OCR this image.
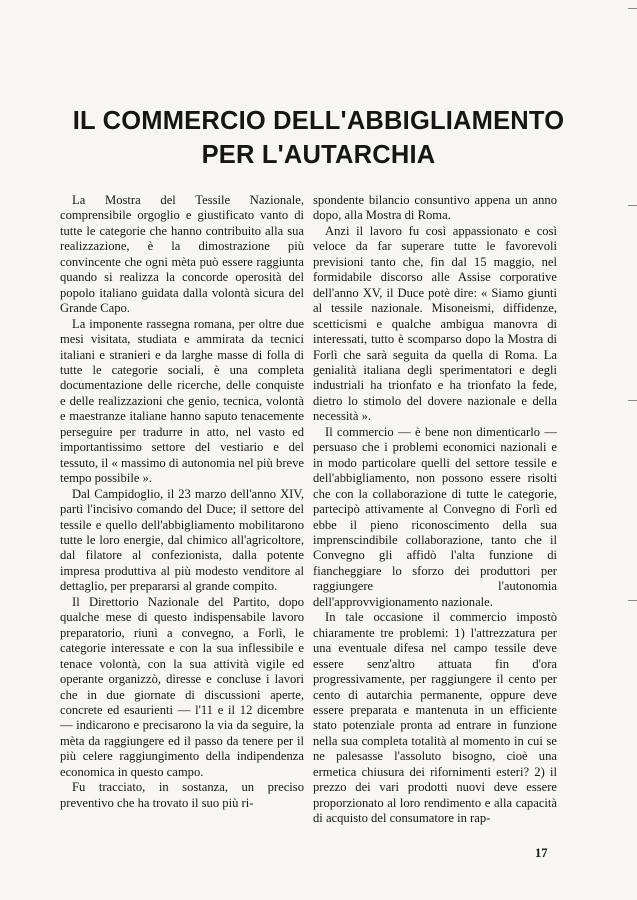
IL COMMERCIO DELL'ABBIGLIAMENTO
PER L'AUTARCHIA

La Mostra del Tessile Nazionale, comprensibile orgoglio e giustificato vanto di tutte le categorie che hanno contribuito alla sua realizzazione, è la dimostrazione più convincente che ogni mèta può essere raggiunta quando si realizza la concorde operosità del popolo italiano guidata dalla volontà sicura del Grande Capo.

La imponente rassegna romana, per oltre due mesi visitata, studiata e ammirata da tecnici italiani e stranieri e da larghe masse di folla di tutte le categorie sociali, è una completa documentazione delle ricerche, delle conquiste e delle realizzazioni che genio, tecnica, volontà e maestranze italiane hanno saputo tenacemente perseguire per tradurre in atto, nel vasto ed importantissimo settore del vestiario e del tessuto, il « massimo di autonomia nel più breve tempo possibile ».

Dal Campidoglio, il 23 marzo dell'anno XIV, partì l'incisivo comando del Duce; il settore del tessile e quello dell'abbigliamento mobilitarono tutte le loro energie, dal chimico all'agricoltore, dal filatore al confezionista, dalla potente impresa produttiva al più modesto venditore al dettaglio, per prepararsi al grande compito.

Il Direttorio Nazionale del Partito, dopo qualche mese di questo indispensabile lavoro preparatorio, riunì a convegno, a Forlì, le categorie interessate e con la sua inflessibile e tenace volontà, con la sua attività vigile ed operante organizzò, diresse e concluse i lavori che in due giornate di discussioni aperte, concrete ed esaurienti — l'11 e il 12 dicembre — indicarono e precisarono la via da seguire, la mèta da raggiungere ed il passo da tenere per il più celere raggiungimento della indipendenza economica in questo campo.

Fu tracciato, in sostanza, un preciso preventivo che ha trovato il suo più ri-

spondente bilancio consuntivo appena un anno dopo, alla Mostra di Roma.

Anzi il lavoro fu così appassionato e così veloce da far superare tutte le favorevoli previsioni tanto che, fin dal 15 maggio, nel formidabile discorso alle Assise corporative dell'anno XV, il Duce potè dire: « Siamo giunti al tessile nazionale. Misoneismi, diffidenze, scetticismi e qualche ambigua manovra di interessati, tutto è scomparso dopo la Mostra di Forlì che sarà seguita da quella di Roma. La genialità italiana degli sperimentatori e degli industriali ha trionfato e ha trionfato la fede, dietro lo stimolo del dovere nazionale e della necessità ».

Il commercio — è bene non dimenticarlo — persuaso che i problemi economici nazionali e in modo particolare quelli del settore tessile e dell'abbigliamento, non possono essere risolti che con la collaborazione di tutte le categorie, partecipò attivamente al Convegno di Forlì ed ebbe il pieno riconoscimento della sua imprenscindibile collaborazione, tanto che il Convegno gli affidò l'alta funzione di fiancheggiare lo sforzo dei produttori per raggiungere l'autonomia dell'approvvigionamento nazionale.

In tale occasione il commercio impostò chiaramente tre problemi: 1) l'attrezzatura per una eventuale difesa nel campo tessile deve essere senz'altro attuata fin d'ora progressivamente, per raggiungere il cento per cento di autarchia permanente, oppure deve essere preparata e mantenuta in un efficiente stato potenziale pronta ad entrare in funzione nella sua completa totalità al momento in cui se ne palesasse l'assoluto bisogno, cioè una ermetica chiusura dei rifornimenti esteri? 2) il prezzo dei vari prodotti nuovi deve essere proporzionato al loro rendimento e alla capacità di acquisto del consumatore in rap-

17
